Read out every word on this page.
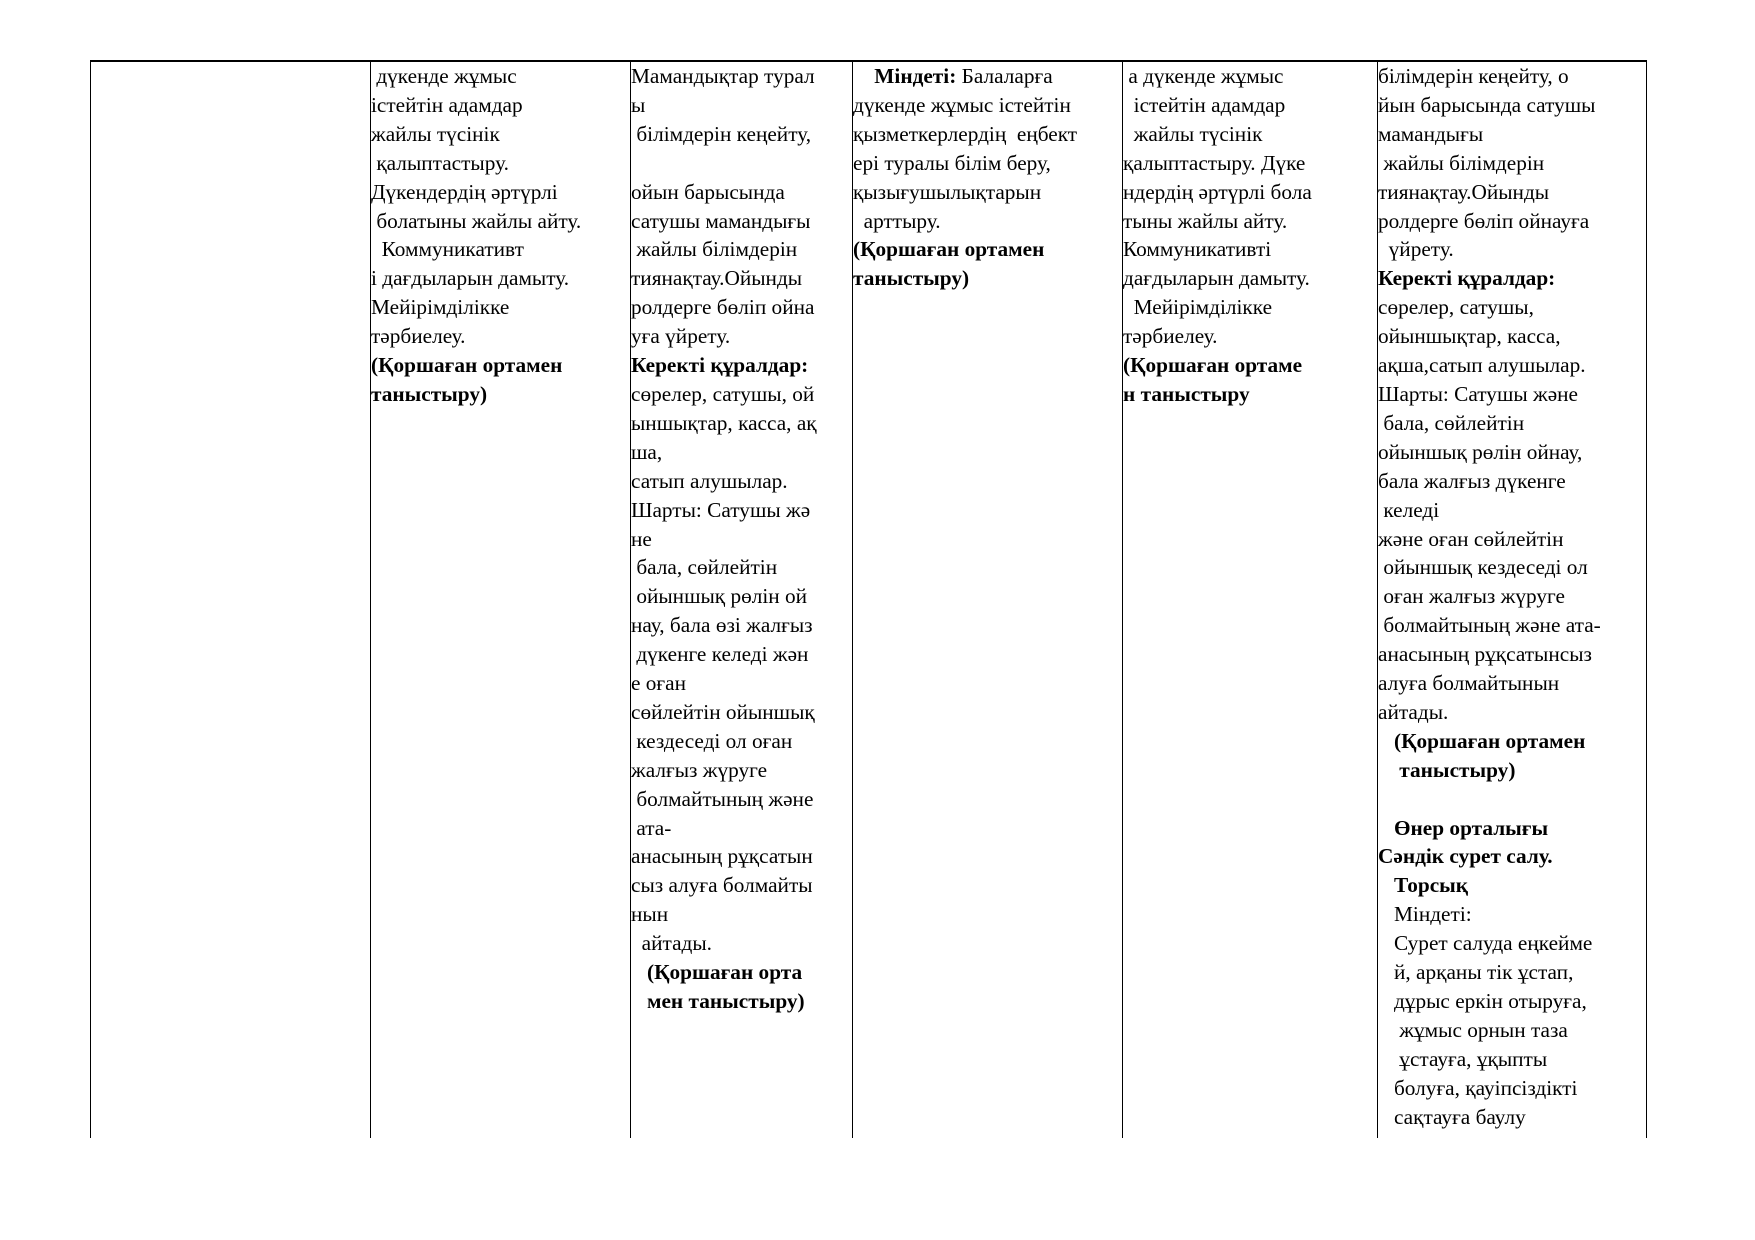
дүкенде жұмыс
істейтін адамдар
жайлы түсінік
қалыптастыру.
Дүкендердің әртүрлі
болатыны жайлы айту.
Коммуникативт
і дағдыларын дамыту.
Мейірімділікке
тәрбиелеу.
(Қоршаған ортамен
таныстыру)

Мамандықтар турал
ы
білімдерін кеңейту,
ойын барысында
сатушы мамандығы
жайлы білімдерін
тиянақтау.Ойынды
ролдерге бөліп ойна
уға үйрету.
Керекті құралдар:
сөрелер, сатушы, ой
ыншықтар, касса, ақ
ша,
сатып алушылар.
Шарты: Сатушы жә
не
бала, сөйлейтін
ойыншық рөлін ой
нау, бала өзі жалғыз
дүкенге келеді жән
е оған
сөйлейтін ойыншық
кездеседі ол оған
жалғыз жүруге
болмайтының және
ата-
анасының рұқсатын
сыз алуға болмайты
нын
айтады.
(Қоршаған орта
мен таныстыру)

Міндеті: Балаларға
дүкенде жұмыс істейтін
қызметкерлердің  еңбект
ері туралы білім беру,
қызығушылықтарын
арттыру.
(Қоршаған ортамен
таныстыру)

а дүкенде жұмыс
істейтін адамдар
жайлы түсінік
қалыптастыру. Дүке
ндердің әртүрлі бола
тыны жайлы айту.
Коммуникативті
дағдыларын дамыту.
Мейірімділікке
тәрбиелеу.
(Қоршаған ортаме
н таныстыру

білімдерін кеңейту, о
йын барысында сатушы
мамандығы
жайлы білімдерін
тиянақтау.Ойынды
ролдерге бөліп ойнауға
үйрету.
Керекті құралдар:
сөрелер, сатушы,
ойыншықтар, касса,
ақша,сатып алушылар.
Шарты: Сатушы және
бала, сөйлейтін
ойыншық рөлін ойнау,
бала жалғыз дүкенге
келеді
және оған сөйлейтін
ойыншық кездеседі ол
оған жалғыз жүруге
болмайтының және ата-
анасының рұқсатынсыз
алуға болмайтынын
айтады.
(Қоршаған ортамен
таныстыру)
Өнер орталығы
Сәндік сурет салу.
Торсық
Міндеті:
Сурет салуда еңкейме
й, арқаны тік ұстап,
дұрыс еркін отыруға,
жұмыс орнын таза
ұстауға, ұқыпты
болуға, қауіпсіздікті
сақтауға баулу
